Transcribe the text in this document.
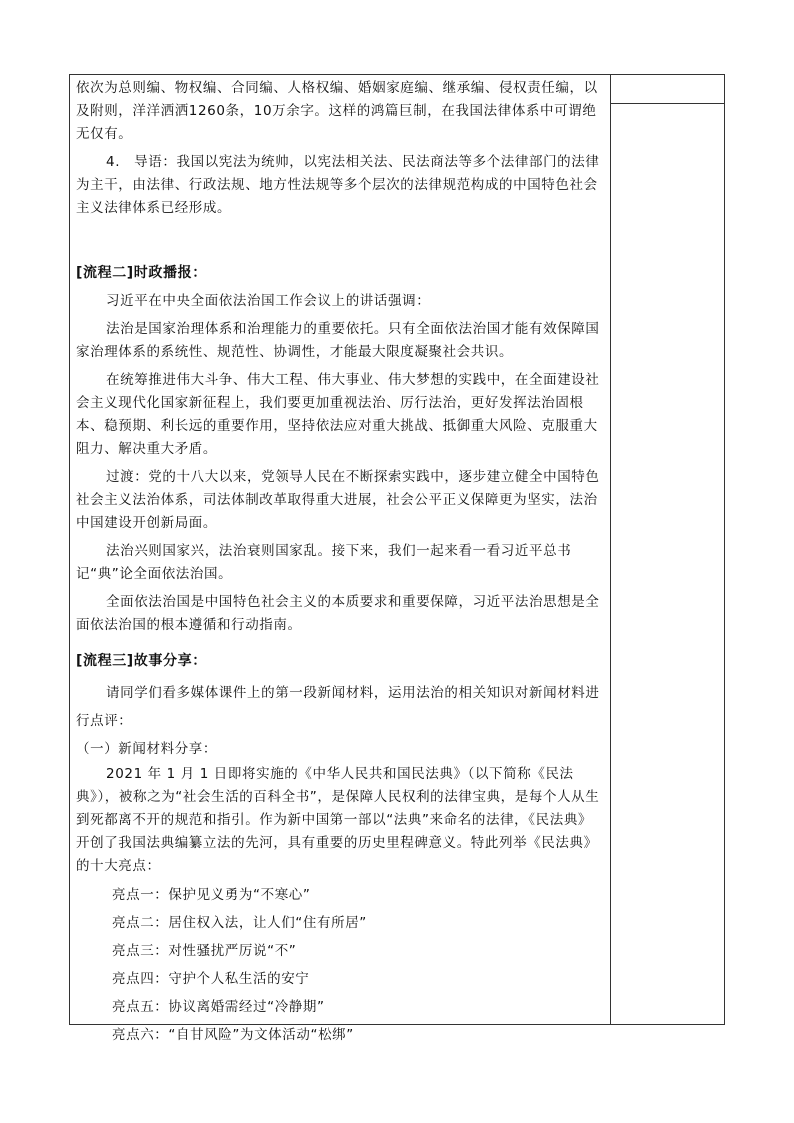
依次为总则编、物权编、合同编、人格权编、婚姻家庭编、继承编、侵权责任编，以及附则，洋洋洒洒1260条，10万余字。这样的鸿篇巨制，在我国法律体系中可谓绝无仅有。

4.　导语：我国以宪法为统帅，以宪法相关法、民法商法等多个法律部门的法律为主干，由法律、行政法规、地方性法规等多个层次的法律规范构成的中国特色社会主义法律体系已经形成。

[流程二]时政播报：

习近平在中央全面依法治国工作会议上的讲话强调：

法治是国家治理体系和治理能力的重要依托。只有全面依法治国才能有效保障国家治理体系的系统性、规范性、协调性，才能最大限度凝聚社会共识。

在统筹推进伟大斗争、伟大工程、伟大事业、伟大梦想的实践中，在全面建设社会主义现代化国家新征程上，我们要更加重视法治、厉行法治，更好发挥法治固根本、稳预期、利长远的重要作用，坚持依法应对重大挑战、抵御重大风险、克服重大阻力、解决重大矛盾。

过渡：党的十八大以来，党领导人民在不断探索实践中，逐步建立健全中国特色社会主义法治体系，司法体制改革取得重大进展，社会公平正义保障更为坚实，法治中国建设开创新局面。

法治兴则国家兴，法治衰则国家乱。接下来，我们一起来看一看习近平总书记“典”论全面依法治国。

全面依法治国是中国特色社会主义的本质要求和重要保障，习近平法治思想是全面依法治国的根本遵循和行动指南。

[流程三]故事分享：

请同学们看多媒体课件上的第一段新闻材料，运用法治的相关知识对新闻材料进行点评：

（一）新闻材料分享：

2021 年 1 月 1 日即将实施的《中华人民共和国民法典》（以下简称《民法典》），被称之为“社会生活的百科全书”，是保障人民权利的法律宝典，是每个人从生到死都离不开的规范和指引。作为新中国第一部以“法典”来命名的法律，《民法典》开创了我国法典编纂立法的先河，具有重要的历史里程碑意义。特此列举《民法典》的十大亮点：

亮点一：保护见义勇为“不寒心”

亮点二：居住权入法，让人们“住有所居”

亮点三：对性骚扰严厉说“不”

亮点四：守护个人私生活的安宁

亮点五：协议离婚需经过“冷静期”

亮点六：“自甘风险”为文体活动“松绑”
